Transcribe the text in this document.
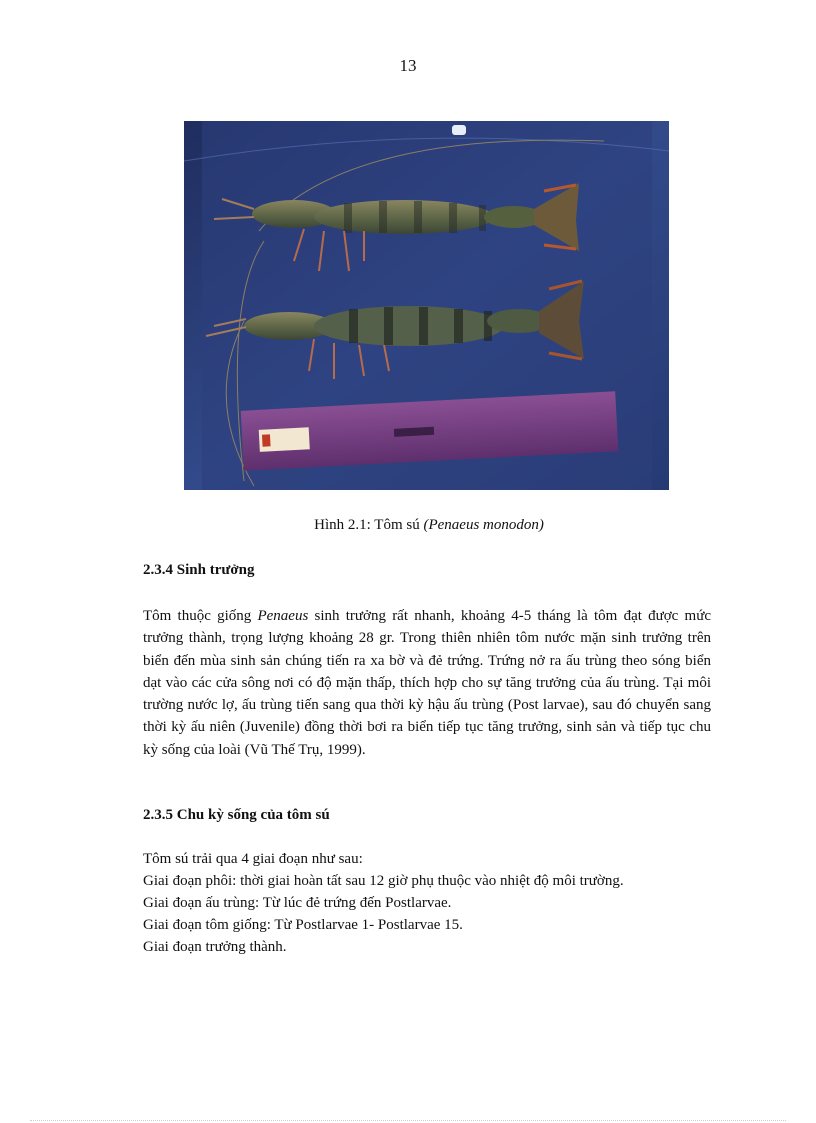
13
Hình 2.1: Tôm sú (Penaeus monodon)
2.3.4 Sinh trưởng
Tôm thuộc giống Penaeus sinh trưởng rất nhanh, khoảng 4-5 tháng là tôm đạt được mức trưởng thành, trọng lượng khoảng 28 gr. Trong thiên nhiên tôm nước mặn sinh trưởng trên biển đến mùa sinh sản chúng tiến ra xa bờ và đẻ trứng. Trứng nở ra ấu trùng theo sóng biển dạt vào các cửa sông nơi có độ mặn thấp, thích hợp cho sự tăng trưởng của ấu trùng. Tại môi trường nước lợ, ấu trùng tiến sang qua thời kỳ hậu ấu trùng (Post larvae), sau đó chuyển sang thời kỳ ấu niên (Juvenile) đồng thời bơi ra biển tiếp tục tăng trưởng, sinh sản và tiếp tục chu kỳ sống của loài (Vũ Thế Trụ, 1999).
2.3.5 Chu kỳ sống của tôm sú
Tôm sú trải qua 4 giai đoạn như sau:
Giai đoạn phôi: thời giai hoàn tất sau 12 giờ phụ thuộc vào nhiệt độ môi trường.
Giai đoạn ấu trùng: Từ lúc đẻ trứng đến Postlarvae.
Giai đoạn tôm giống: Từ Postlarvae 1- Postlarvae 15.
Giai đoạn trưởng thành.
